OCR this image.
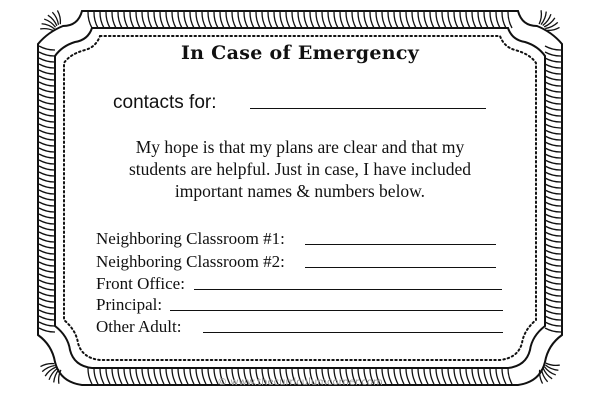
In Case of Emergency
contacts for:
My hope is that my plans are clear and that my
students are helpful. Just in case, I have included
important names & numbers below.
Neighboring Classroom #1:
Neighboring Classroom #2:
Front Office:
Principal:
Other Adult:
© www.thecurriculumcorner.com
